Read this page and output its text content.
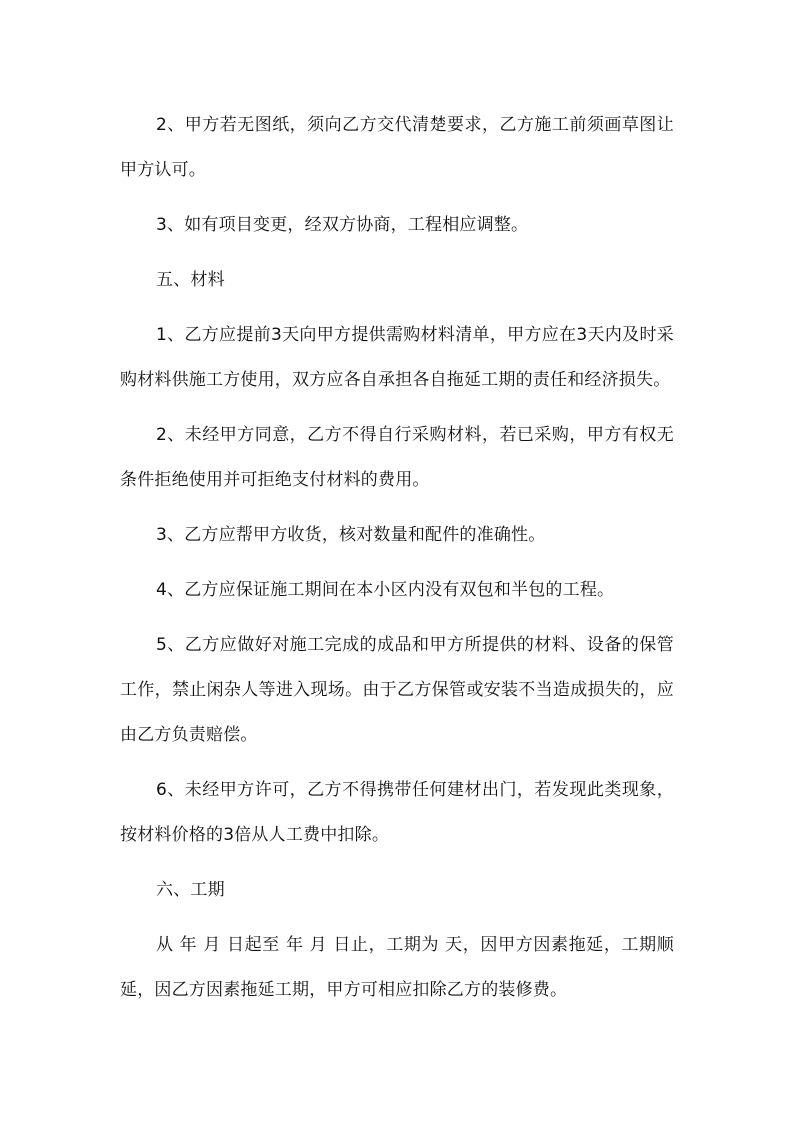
2、甲方若无图纸，须向乙方交代清楚要求，乙方施工前须画草图让甲方认可。

3、如有项目变更，经双方协商，工程相应调整。

五、材料

1、乙方应提前3天向甲方提供需购材料清单，甲方应在3天内及时采购材料供施工方使用，双方应各自承担各自拖延工期的责任和经济损失。

2、未经甲方同意，乙方不得自行采购材料，若已采购，甲方有权无条件拒绝使用并可拒绝支付材料的费用。

3、乙方应帮甲方收货，核对数量和配件的准确性。

4、乙方应保证施工期间在本小区内没有双包和半包的工程。

5、乙方应做好对施工完成的成品和甲方所提供的材料、设备的保管工作，禁止闲杂人等进入现场。由于乙方保管或安装不当造成损失的，应由乙方负责赔偿。

6、未经甲方许可，乙方不得携带任何建材出门，若发现此类现象，按材料价格的3倍从人工费中扣除。

六、工期

从 年 月 日起至 年 月 日止，工期为 天，因甲方因素拖延，工期顺延，因乙方因素拖延工期，甲方可相应扣除乙方的装修费。
